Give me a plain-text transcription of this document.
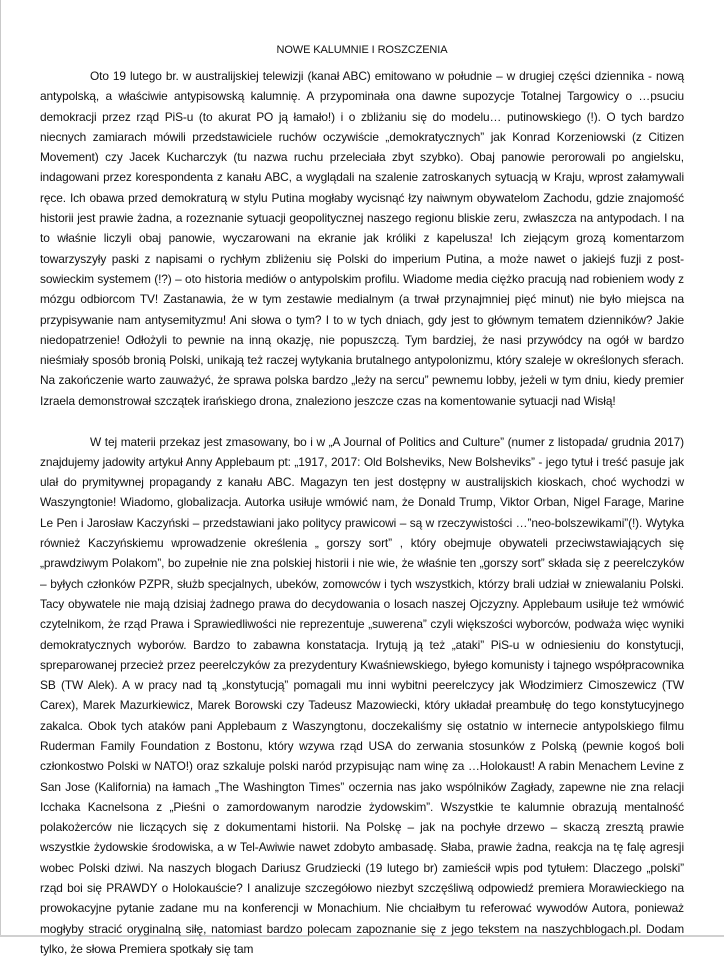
NOWE KALUMNIE I ROSZCZENIA

Oto 19 lutego br. w australijskiej telewizji (kanał ABC) emitowano w południe – w drugiej części dziennika - nową antypolską, a właściwie antypisowską kalumnię. A przypominała ona dawne supozycje Totalnej Targowicy o …psuciu demokracji przez rząd PiS-u (to akurat PO ją łamało!) i o zbliżaniu się do modelu… putinowskiego (!). O tych bardzo niecnych zamiarach mówili przedstawiciele ruchów oczywiście „demokratycznych” jak Konrad Korzeniowski (z Citizen Movement) czy Jacek Kucharczyk (tu nazwa ruchu przeleciała zbyt szybko). Obaj panowie perorowali po angielsku, indagowani przez korespondenta z kanału ABC, a wyglądali na szalenie zatroskanych sytuacją w Kraju, wprost załamywali ręce. Ich obawa przed demokraturą w stylu Putina mogłaby wycisnąć łzy naiwnym obywatelom Zachodu, gdzie znajomość historii jest prawie żadna, a rozeznanie sytuacji geopolitycznej naszego regionu bliskie zeru, zwłaszcza na antypodach. I na to właśnie liczyli obaj panowie, wyczarowani na ekranie jak króliki z kapelusza! Ich ziejącym grozą komentarzom towarzyszyły paski z napisami o rychłym zbliżeniu się Polski do imperium Putina, a może nawet o jakiejś fuzji z post-sowieckim systemem (!?) – oto historia mediów o antypolskim profilu. Wiadome media ciężko pracują nad robieniem wody z mózgu odbiorcom TV! Zastanawia, że w tym zestawie medialnym (a trwał przynajmniej pięć minut) nie było miejsca na przypisywanie nam antysemityzmu! Ani słowa o tym? I to w tych dniach, gdy jest to głównym tematem dzienników? Jakie niedopatrzenie! Odłożyli to pewnie na inną okazję, nie popuszczą. Tym bardziej, że nasi przywódcy na ogół w bardzo nieśmiały sposób bronią Polski, unikają też raczej wytykania brutalnego antypolonizmu, który szaleje w określonych sferach. Na zakończenie warto zauważyć, że sprawa polska bardzo „leży na sercu” pewnemu lobby, jeżeli w tym dniu, kiedy premier Izraela demonstrował szczątek irańskiego drona, znaleziono jeszcze czas na komentowanie sytuacji nad Wisłą!

W tej materii przekaz jest zmasowany, bo i w „A Journal of Politics and Culture” (numer z listopada/ grudnia 2017) znajdujemy jadowity artykuł Anny Applebaum pt: „1917, 2017: Old Bolsheviks, New Bolsheviks” - jego tytuł i treść pasuje jak ulał do prymitywnej propagandy z kanału ABC. Magazyn ten jest dostępny w australijskich kioskach, choć wychodzi w Waszyngtonie! Wiadomo, globalizacja. Autorka usiłuje wmówić nam, że Donald Trump, Viktor Orban, Nigel Farage, Marine Le Pen i Jarosław Kaczyński – przedstawiani jako politycy prawicowi – są w rzeczywistości …”neo-bolszewikami”(!). Wytyka również Kaczyńskiemu wprowadzenie określenia „ gorszy sort” , który obejmuje obywateli przeciwstawiających się „prawdziwym Polakom”, bo zupełnie nie zna polskiej historii i nie wie, że właśnie ten „gorszy sort” składa się z peerelczyków – byłych członków PZPR, służb specjalnych, ubeków, zomowców i tych wszystkich, którzy brali udział w zniewalaniu Polski. Tacy obywatele nie mają dzisiaj żadnego prawa do decydowania o losach naszej Ojczyzny. Applebaum usiłuje też wmówić czytelnikom, że rząd Prawa i Sprawiedliwości nie reprezentuje „suwerena” czyli większości wyborców, podważa więc wyniki demokratycznych wyborów. Bardzo to zabawna konstatacja. Irytują ją też „ataki” PiS-u w odniesieniu do konstytucji, spreparowanej przecież przez peerelczyków za prezydentury Kwaśniewskiego, byłego komunisty i tajnego współpracownika SB (TW Alek). A w pracy nad tą „konstytucją” pomagali mu inni wybitni peerelczycy jak Włodzimierz Cimoszewicz (TW Carex), Marek Mazurkiewicz, Marek Borowski czy Tadeusz Mazowiecki, który układał preambułę do tego konstytucyjnego zakalca. Obok tych ataków pani Applebaum z Waszyngtonu, doczekaliśmy się ostatnio w internecie antypolskiego filmu Ruderman Family Foundation z Bostonu, który wzywa rząd USA do zerwania stosunków z Polską (pewnie kogoś boli członkostwo Polski w NATO!) oraz szkaluje polski naród przypisując nam winę za …Holokaust! A rabin Menachem Levine z San Jose (Kalifornia) na łamach „The Washington Times” oczernia nas jako wspólników Zagłady, zapewne nie zna relacji Icchaka Kacnelsona z „Pieśni o zamordowanym narodzie żydowskim”. Wszystkie te kalumnie obrazują mentalność polakożerców nie liczących się z dokumentami historii. Na Polskę – jak na pochyłe drzewo – skaczą zresztą prawie wszystkie żydowskie środowiska, a w Tel-Awiwie nawet zdobyto ambasadę. Słaba, prawie żadna, reakcja na tę falę agresji wobec Polski dziwi. Na naszych blogach Dariusz Grudziecki (19 lutego br) zamieścił wpis pod tytułem: Dlaczego „polski” rząd boi się PRAWDY o Holokauście? I analizuje szczegółowo niezbyt szczęśliwą odpowiedź premiera Morawieckiego na prowokacyjne pytanie zadane mu na konferencji w Monachium. Nie chciałbym tu referować wywodów Autora, ponieważ mogłyby stracić oryginalną siłę, natomiast bardzo polecam zapoznanie się z jego tekstem na naszychblogach.pl. Dodam tylko, że słowa Premiera spotkały się tam
